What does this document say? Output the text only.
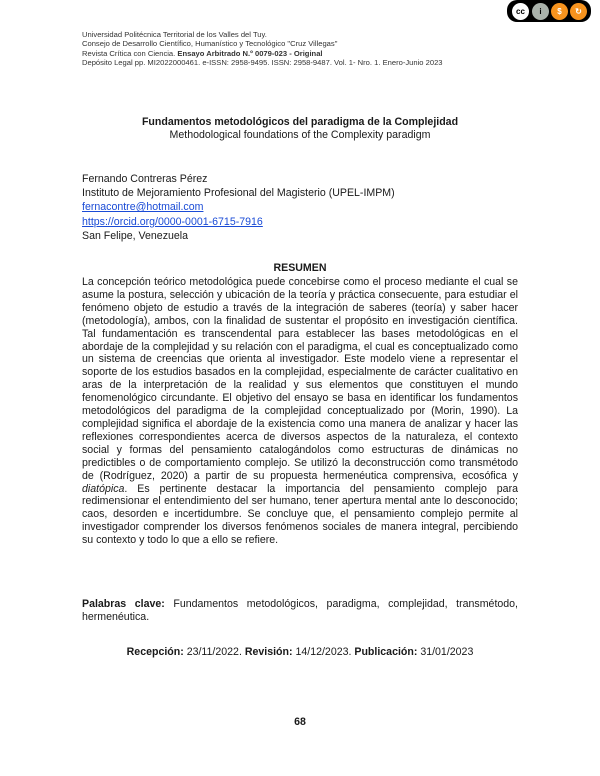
Universidad Politécnica Territorial de los Valles del Tuy.
Consejo de Desarrollo Científico, Humanístico y Tecnológico "Cruz Villegas"
Revista Crítica con Ciencia. Ensayo Arbitrado N.º 0079-023 - Original
Depósito Legal pp. MI2022000461. e-ISSN: 2958-9495. ISSN: 2958-9487. Vol. 1- Nro. 1. Enero-Junio 2023
cc	i	$	↻
Fundamentos metodológicos del paradigma de la Complejidad
Methodological foundations of the Complexity paradigm
Fernando Contreras Pérez
Instituto de Mejoramiento Profesional del Magisterio (UPEL-IMPM)
fernacontre@hotmail.com
https://orcid.org/0000-0001-6715-7916
San Felipe, Venezuela
RESUMEN
La concepción teórico metodológica puede concebirse como el proceso mediante el cual se asume la postura, selección y ubicación de la teoría y práctica consecuente, para estudiar el fenómeno objeto de estudio a través de la integración de saberes (teoría) y saber hacer (metodología), ambos, con la finalidad de sustentar el propósito en investigación científica. Tal fundamentación es transcendental para establecer las bases metodológicas en el abordaje de la complejidad y su relación con el paradigma, el cual es conceptualizado como un sistema de creencias que orienta al investigador. Este modelo viene a representar el soporte de los estudios basados en la complejidad, especialmente de carácter cualitativo en aras de la interpretación de la realidad y sus elementos que constituyen el mundo fenomenológico circundante. El objetivo del ensayo se basa en identificar los fundamentos metodológicos del paradigma de la complejidad conceptualizado por (Morin, 1990). La complejidad significa el abordaje de la existencia como una manera de analizar y hacer las reflexiones correspondientes acerca de diversos aspectos de la naturaleza, el contexto social y formas del pensamiento catalogándolos como estructuras de dinámicas no predictibles o de comportamiento complejo. Se utilizó la deconstrucción como transmétodo de (Rodríguez, 2020) a partir de su propuesta hermenéutica comprensiva, ecosófica y diatópica. Es pertinente destacar la importancia del pensamiento complejo para redimensionar el entendimiento del ser humano, tener apertura mental ante lo desconocido; caos, desorden e incertidumbre. Se concluye que, el pensamiento complejo permite al investigador comprender los diversos fenómenos sociales de manera integral, percibiendo su contexto y todo lo que a ello se refiere.
Palabras clave: Fundamentos metodológicos, paradigma, complejidad, transmétodo, hermenéutica.
Recepción: 23/11/2022. Revisión: 14/12/2023. Publicación: 31/01/2023
68
